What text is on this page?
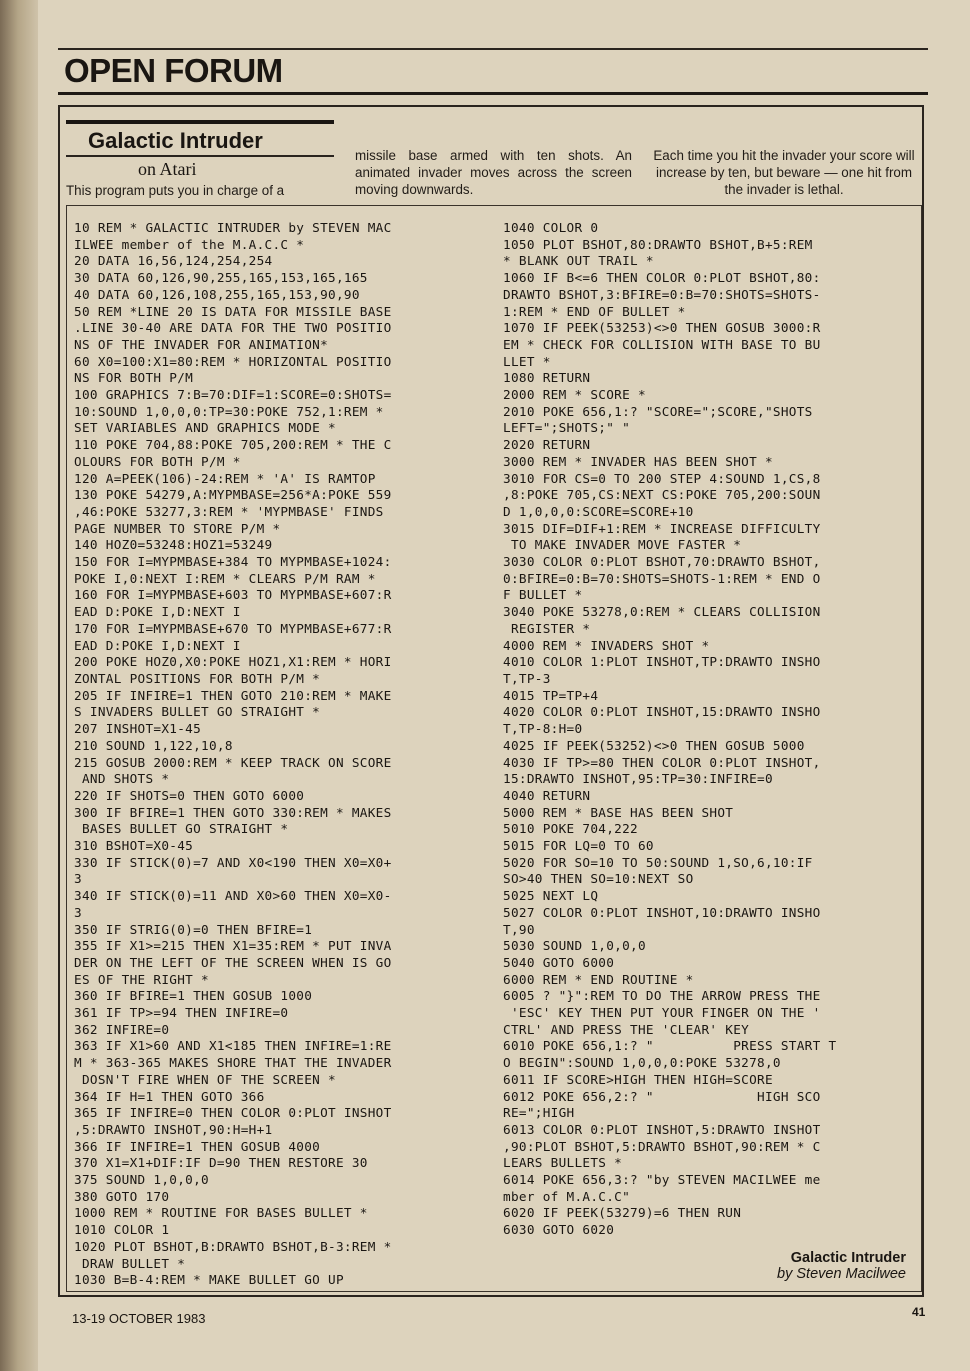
OPEN FORUM
Galactic Intruder
on Atari
This program puts you in charge of a
missile base armed with ten shots. An animated invader moves across the screen moving downwards.
Each time you hit the invader your score will increase by ten, but beware — one hit from the invader is lethal.
10 REM * GALACTIC INTRUDER by STEVEN MAC
ILWEE member of the M.A.C.C *
20 DATA 16,56,124,254,254
30 DATA 60,126,90,255,165,153,165,165
40 DATA 60,126,108,255,165,153,90,90
50 REM *LINE 20 IS DATA FOR MISSILE BASE
.LINE 30-40 ARE DATA FOR THE TWO POSITIO
NS OF THE INVADER FOR ANIMATION*
60 X0=100:X1=80:REM * HORIZONTAL POSITIO
NS FOR BOTH P/M
100 GRAPHICS 7:B=70:DIF=1:SCORE=0:SHOTS=
10:SOUND 1,0,0,0:TP=30:POKE 752,1:REM *
SET VARIABLES AND GRAPHICS MODE *
110 POKE 704,88:POKE 705,200:REM * THE C
OLOURS FOR BOTH P/M *
120 A=PEEK(106)-24:REM * 'A' IS RAMTOP
130 POKE 54279,A:MYPMBASE=256*A:POKE 559
,46:POKE 53277,3:REM * 'MYPMBASE' FINDS
PAGE NUMBER TO STORE P/M *
140 HOZ0=53248:HOZ1=53249
150 FOR I=MYPMBASE+384 TO MYPMBASE+1024:
POKE I,0:NEXT I:REM * CLEARS P/M RAM *
160 FOR I=MYPMBASE+603 TO MYPMBASE+607:R
EAD D:POKE I,D:NEXT I
170 FOR I=MYPMBASE+670 TO MYPMBASE+677:R
EAD D:POKE I,D:NEXT I
200 POKE HOZ0,X0:POKE HOZ1,X1:REM * HORI
ZONTAL POSITIONS FOR BOTH P/M *
205 IF INFIRE=1 THEN GOTO 210:REM * MAKE
S INVADERS BULLET GO STRAIGHT *
207 INSHOT=X1-45
210 SOUND 1,122,10,8
215 GOSUB 2000:REM * KEEP TRACK ON SCORE
AND SHOTS *
220 IF SHOTS=0 THEN GOTO 6000
300 IF BFIRE=1 THEN GOTO 330:REM * MAKES
BASES BULLET GO STRAIGHT *
310 BSHOT=X0-45
330 IF STICK(0)=7 AND X0<190 THEN X0=X0+
3
340 IF STICK(0)=11 AND X0>60 THEN X0=X0-
3
350 IF STRIG(0)=0 THEN BFIRE=1
355 IF X1>=215 THEN X1=35:REM * PUT INVA
DER ON THE LEFT OF THE SCREEN WHEN IS GO
ES OF THE RIGHT *
360 IF BFIRE=1 THEN GOSUB 1000
361 IF TP>=94 THEN INFIRE=0
362 INFIRE=0
363 IF X1>60 AND X1<185 THEN INFIRE=1:RE
M * 363-365 MAKES SHORE THAT THE INVADER
DOSN'T FIRE WHEN OF THE SCREEN *
364 IF H=1 THEN GOTO 366
365 IF INFIRE=0 THEN COLOR 0:PLOT INSHOT
,5:DRAWTO INSHOT,90:H=H+1
366 IF INFIRE=1 THEN GOSUB 4000
370 X1=X1+DIF:IF D=90 THEN RESTORE 30
375 SOUND 1,0,0,0
380 GOTO 170
1000 REM * ROUTINE FOR BASES BULLET *
1010 COLOR 1
1020 PLOT BSHOT,B:DRAWTO BSHOT,B-3:REM *
DRAW BULLET *
1030 B=B-4:REM * MAKE BULLET GO UP
1040 COLOR 0
1050 PLOT BSHOT,80:DRAWTO BSHOT,B+5:REM
* BLANK OUT TRAIL *
1060 IF B<=6 THEN COLOR 0:PLOT BSHOT,80:
DRAWTO BSHOT,3:BFIRE=0:B=70:SHOTS=SHOTS-
1:REM * END OF BULLET *
1070 IF PEEK(53253)<>0 THEN GOSUB 3000:R
EM * CHECK FOR COLLISION WITH BASE TO BU
LLET *
1080 RETURN
2000 REM * SCORE *
2010 POKE 656,1:? "SCORE=";SCORE,"SHOTS
LEFT=";SHOTS;" "
2020 RETURN
3000 REM * INVADER HAS BEEN SHOT *
3010 FOR CS=0 TO 200 STEP 4:SOUND 1,CS,8
,8:POKE 705,CS:NEXT CS:POKE 705,200:SOUN
D 1,0,0,0:SCORE=SCORE+10
3015 DIF=DIF+1:REM * INCREASE DIFFICULTY
TO MAKE INVADER MOVE FASTER *
3030 COLOR 0:PLOT BSHOT,70:DRAWTO BSHOT,
0:BFIRE=0:B=70:SHOTS=SHOTS-1:REM * END O
F BULLET *
3040 POKE 53278,0:REM * CLEARS COLLISION
REGISTER *
4000 REM * INVADERS SHOT *
4010 COLOR 1:PLOT INSHOT,TP:DRAWTO INSHO
T,TP-3
4015 TP=TP+4
4020 COLOR 0:PLOT INSHOT,15:DRAWTO INSHO
T,TP-8:H=0
4025 IF PEEK(53252)<>0 THEN GOSUB 5000
4030 IF TP>=80 THEN COLOR 0:PLOT INSHOT,
15:DRAWTO INSHOT,95:TP=30:INFIRE=0
4040 RETURN
5000 REM * BASE HAS BEEN SHOT
5010 POKE 704,222
5015 FOR LQ=0 TO 60
5020 FOR SO=10 TO 50:SOUND 1,SO,6,10:IF
SO>40 THEN SO=10:NEXT SO
5025 NEXT LQ
5027 COLOR 0:PLOT INSHOT,10:DRAWTO INSHO
T,90
5030 SOUND 1,0,0,0
5040 GOTO 6000
6000 REM * END ROUTINE *
6005 ? "}":REM TO DO THE ARROW PRESS THE
'ESC' KEY THEN PUT YOUR FINGER ON THE '
CTRL' AND PRESS THE 'CLEAR' KEY
6010 POKE 656,1:? "          PRESS START T
O BEGIN":SOUND 1,0,0,0:POKE 53278,0
6011 IF SCORE>HIGH THEN HIGH=SCORE
6012 POKE 656,2:? "             HIGH SCO
RE=";HIGH
6013 COLOR 0:PLOT INSHOT,5:DRAWTO INSHOT
,90:PLOT BSHOT,5:DRAWTO BSHOT,90:REM * C
LEARS BULLETS *
6014 POKE 656,3:? "by STEVEN MACILWEE me
mber of M.A.C.C"
6020 IF PEEK(53279)=6 THEN RUN
6030 GOTO 6020
Galactic Intruder
by Steven Macilwee
13-19 OCTOBER 1983	41
